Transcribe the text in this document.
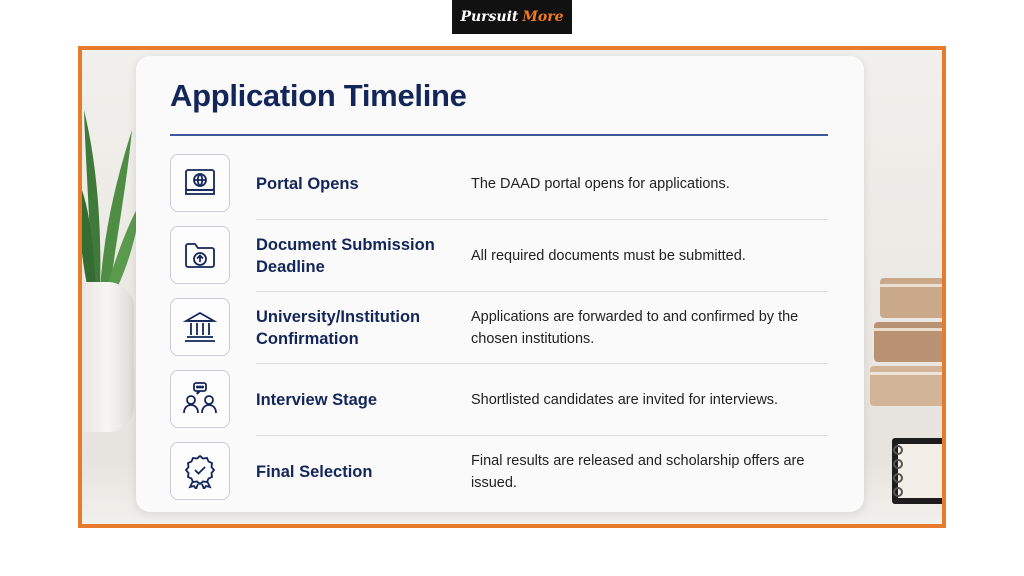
Pursuit More
Application Timeline
Portal Opens	The DAAD portal opens for applications.
Document Submission Deadline
All required documents must be submitted.
University/Institution Confirmation
Applications are forwarded to and confirmed by the chosen institutions.
Interview Stage	Shortlisted candidates are invited for interviews.
Final Selection
Final results are released and scholarship offers are issued.
